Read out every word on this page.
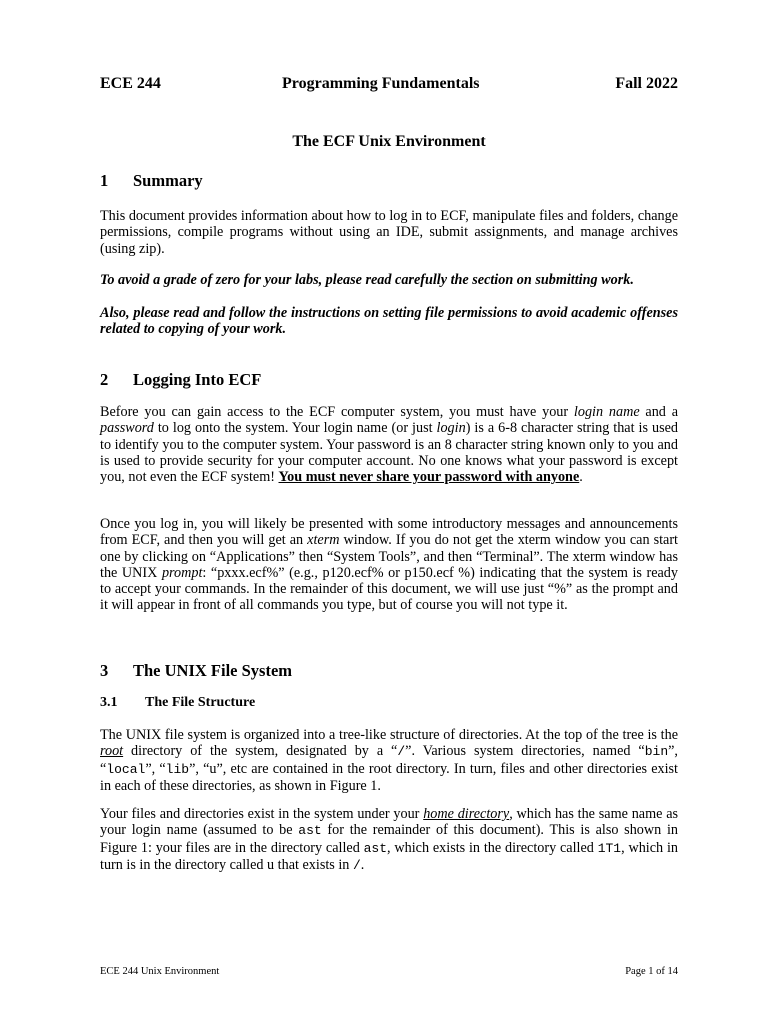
ECE 244	Programming Fundamentals	Fall 2022
The ECF Unix Environment
1 Summary
This document provides information about how to log in to ECF, manipulate files and folders, change permissions, compile programs without using an IDE, submit assignments, and manage archives (using zip).
To avoid a grade of zero for your labs, please read carefully the section on submitting work.
Also, please read and follow the instructions on setting file permissions to avoid academic offenses related to copying of your work.
2 Logging Into ECF
Before you can gain access to the ECF computer system, you must have your login name and a password to log onto the system. Your login name (or just login) is a 6-8 character string that is used to identify you to the computer system. Your password is an 8 character string known only to you and is used to provide security for your computer account. No one knows what your password is except you, not even the ECF system! You must never share your password with anyone.
Once you log in, you will likely be presented with some introductory messages and announcements from ECF, and then you will get an xterm window. If you do not get the xterm window you can start one by clicking on “Applications” then “System Tools”, and then “Terminal”. The xterm window has the UNIX prompt: “pxxx.ecf%” (e.g., p120.ecf% or p150.ecf %) indicating that the system is ready to accept your commands. In the remainder of this document, we will use just “%” as the prompt and it will appear in front of all commands you type, but of course you will not type it.
3 The UNIX File System
3.1 The File Structure
The UNIX file system is organized into a tree-like structure of directories. At the top of the tree is the root directory of the system, designated by a “/”. Various system directories, named “bin”, “local”, “lib”, “u”, etc are contained in the root directory. In turn, files and other directories exist in each of these directories, as shown in Figure 1.
Your files and directories exist in the system under your home directory, which has the same name as your login name (assumed to be ast for the remainder of this document). This is also shown in Figure 1: your files are in the directory called ast, which exists in the directory called 1T1, which in turn is in the directory called u that exists in /.
ECE 244 Unix Environment	Page 1 of 14
